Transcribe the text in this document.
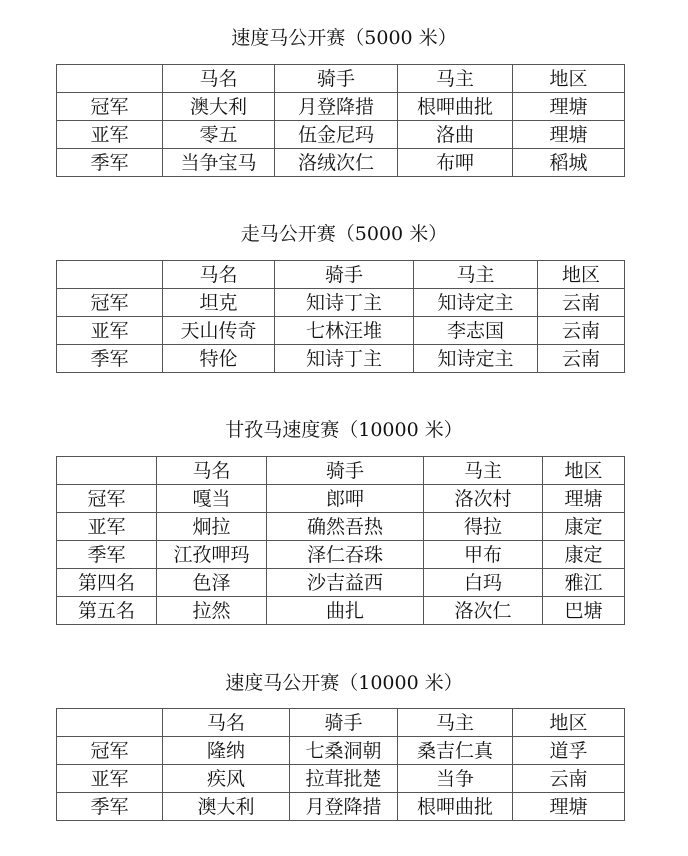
速度马公开赛（5000 米）
	马名	骑手	马主	地区
冠军	澳大利	月登降措	根呷曲批	理塘
亚军	零五	伍金尼玛	洛曲	理塘
季军	当争宝马	洛绒次仁	布呷	稻城
走马公开赛（5000 米）
	马名	骑手	马主	地区
冠军	坦克	知诗丁主	知诗定主	云南
亚军	天山传奇	七林汪堆	李志国	云南
季军	特伦	知诗丁主	知诗定主	云南
甘孜马速度赛（10000 米）
	马名	骑手	马主	地区
冠军	嘎当	郎呷	洛次村	理塘
亚军	炯拉	确然吾热	得拉	康定
季军	江孜呷玛	泽仁吞珠	甲布	康定
第四名	色泽	沙吉益西	白玛	雅江
第五名	拉然	曲扎	洛次仁	巴塘
速度马公开赛（10000 米）
	马名	骑手	马主	地区
冠军	隆纳	七桑洞朝	桑吉仁真	道孚
亚军	疾风	拉茸批楚	当争	云南
季军	澳大利	月登降措	根呷曲批	理塘
